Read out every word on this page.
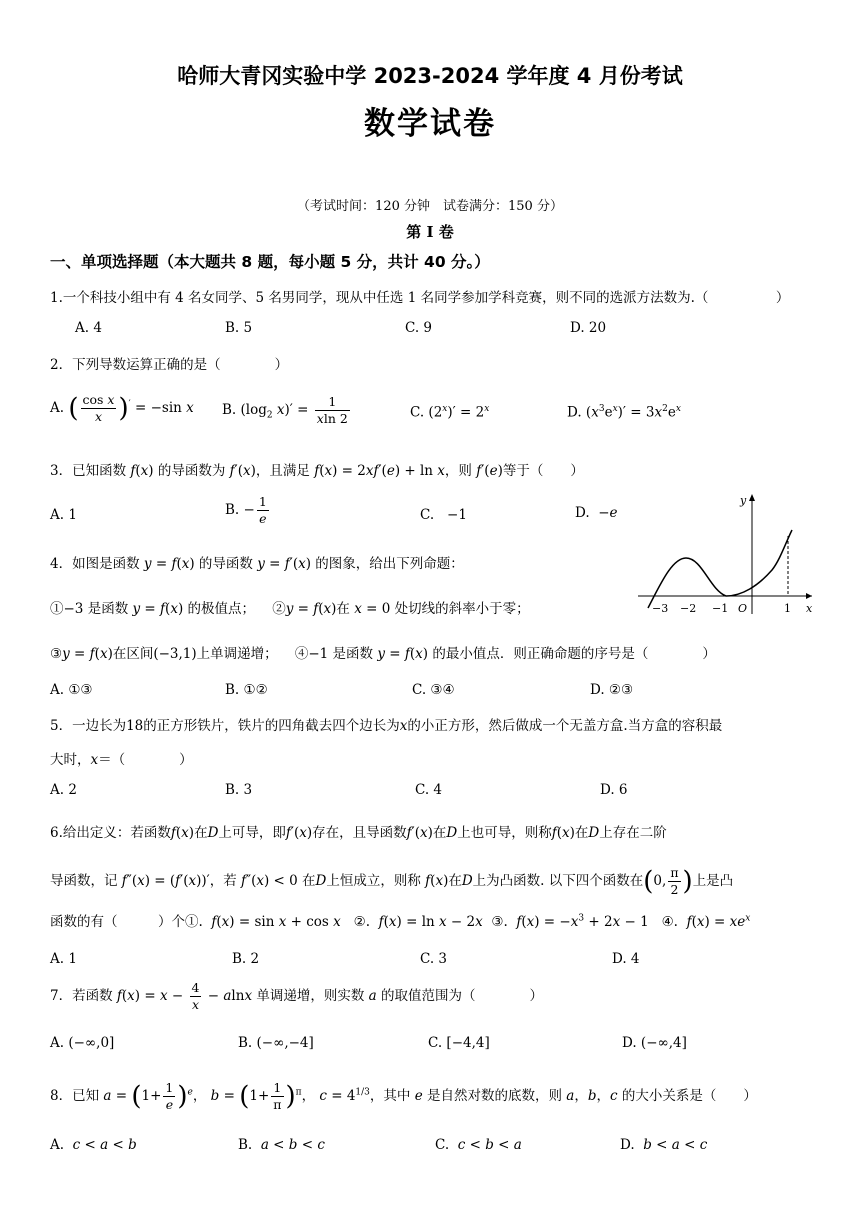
哈师大青冈实验中学 2023-2024 学年度 4 月份考试
数学试卷
（考试时间：120 分钟　试卷满分：150 分）
第 I 卷
一、单项选择题（本大题共 8 题，每小题 5 分，共计 40 分。）
1.一个科技小组中有 4 名女同学、5 名男同学，现从中任选 1 名同学参加学科竞赛，则不同的选派方法数为.（　　　　　）
A. 4	B. 5	C. 9	D. 20
2．下列导数运算正确的是（　　　　）
A. ( $\frac{\text{cos x}}{x} )' = -\sin$ x B. ($\log_2$ $x)' = \frac{1}{xln 2}$	C. $(2^x)' = 2^x$	D. $(x^3e^x)' = 3x^2e^x$
3．已知函数 f(x) 的导函数为 f′(x)，且满足 f(x) = 2xf′(e) + ln x，则 f′(e)等于（　　）
A. 1	B. − $\frac{1}{e}$	C. −1	D. −e
−3 −2 −1 O	1 x
y
4．如图是函数 y = f(x) 的导函数 y = f′(x) 的图象，给出下列命题：
①−3 是函数 y = f(x) 的极值点； ②y = f(x)在 x = 0 处切线的斜率小于零；
③y = f(x)在区间(−3,1)上单调递增； ④−1 是函数 y = f(x) 的最小值点．则正确命题的序号是（　　　　）
A. ①③	B. ①②	C. ③④	D. ②③
5．一边长为18的正方形铁片，铁片的四角截去四个边长为x的小正方形，然后做成一个无盖方盒.当方盒的容积最
大时，x＝（　　　　）
A. 2	B. 3	C. 4	D. 6
6.给出定义：若函数f(x)在D上可导，即f′(x)存在，且导函数f′(x)在D上也可导，则称f(x)在D上存在二阶
导函数，记 f″(x) = (f′(x))′，若 f″(x) < 0 在D上恒成立，则称 f(x)在D上为凸函数. 以下四个函数在(0, $\frac{\pi}{2}$ )上是凸
函数的有（　　　）个①. f(x) = sin x + cos x ②. f(x) = ln x − 2x ③. $f(x) = -x^3 + 2x - 1$   ④. $f(x) = xe^x$
A. 1	B. 2	C. 3	D. 4
7．若函数 $f(x) = x - \frac{4}{x} - alnx$ 单调递增，则实数 a 的取值范围为（　　　　）
A. (−∞,0]	B. (−∞,−4]	C. [−4,4]	D. (−∞,4]
8．已知 $a = (1+ \frac{1}{e} )^e$， $b = (1+ \frac{1}{\pi} )^\pi$， $c = 4^{1/3}$，其中 e 是自然对数的底数，则 a，b，c 的大小关系是（　　）
A. c < a < b	B. a < b < c	C. c < b < a	D. b < a < c
